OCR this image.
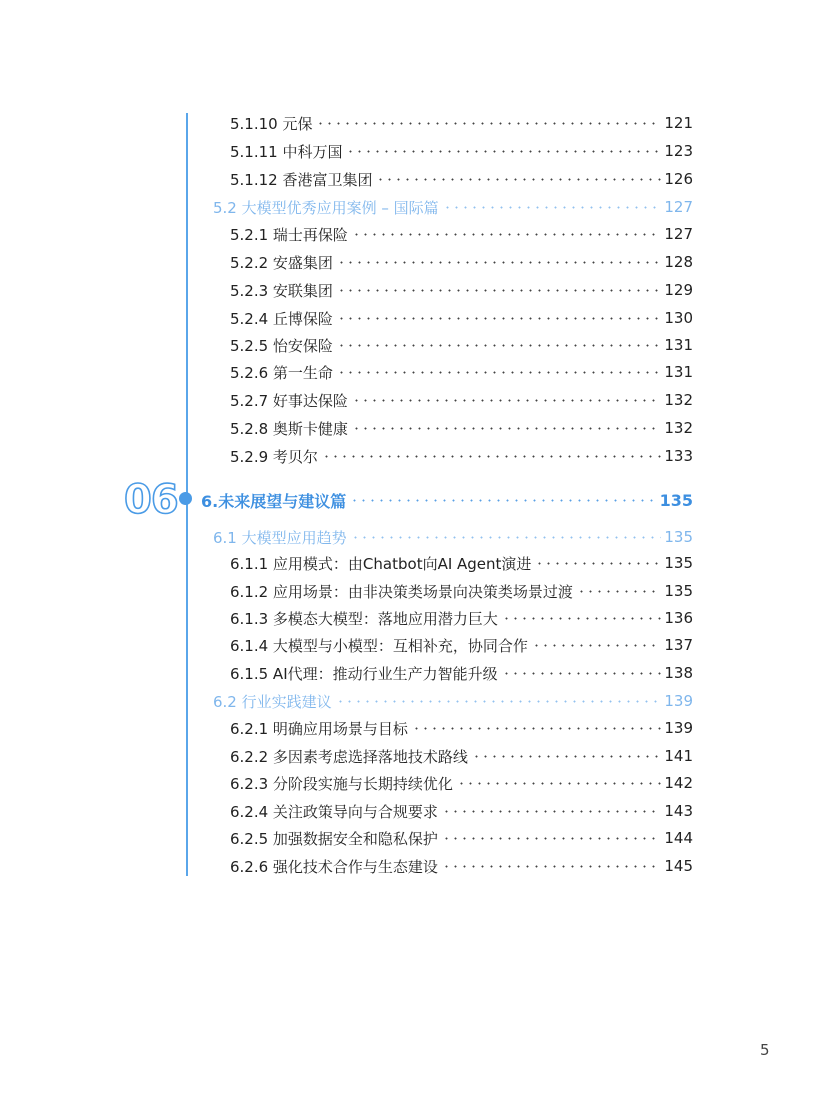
06
5.1.10 元保	121
5.1.11 中科万国	123
5.1.12 香港富卫集团	126
5.2 大模型优秀应用案例 – 国际篇	127
5.2.1 瑞士再保险	127
5.2.2 安盛集团	128
5.2.3 安联集团	129
5.2.4 丘博保险	130
5.2.5 怡安保险	131
5.2.6 第一生命	131
5.2.7 好事达保险	132
5.2.8 奥斯卡健康	132
5.2.9 考贝尔	133
6.未来展望与建议篇	135
6.1 大模型应用趋势	135
6.1.1 应用模式：由Chatbot向AI Agent演进	135
6.1.2 应用场景：由非决策类场景向决策类场景过渡	135
6.1.3 多模态大模型：落地应用潜力巨大	136
6.1.4 大模型与小模型：互相补充，协同合作	137
6.1.5 AI代理：推动行业生产力智能升级	138
6.2 行业实践建议	139
6.2.1 明确应用场景与目标	139
6.2.2 多因素考虑选择落地技术路线	141
6.2.3 分阶段实施与长期持续优化	142
6.2.4 关注政策导向与合规要求	143
6.2.5 加强数据安全和隐私保护	144
6.2.6 强化技术合作与生态建设	145
5
